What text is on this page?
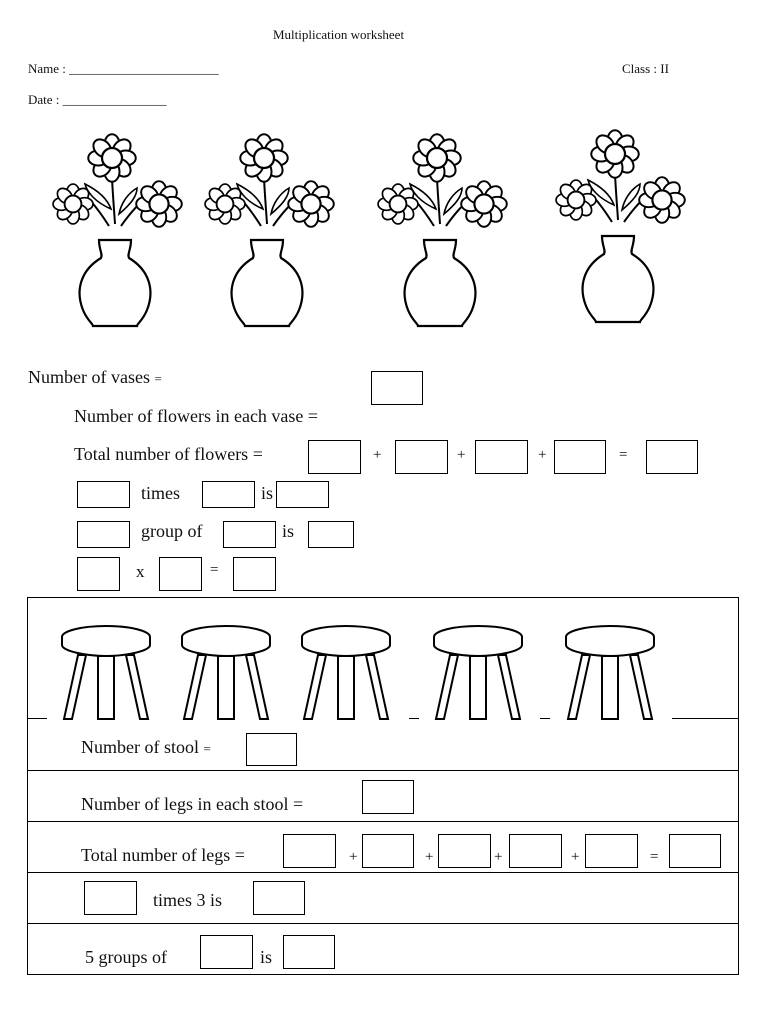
Multiplication worksheet
Name : _______________________	Class : II
Date : ________________
Number of vases =
Number of flowers in each vase =
Total number of flowers =	+	+	+	=
times	is
group of	is
x	=
Number of stool =
Number of legs in each stool =
Total number of legs =	+	+	+	+	=
times 3 is
5 groups of	is
